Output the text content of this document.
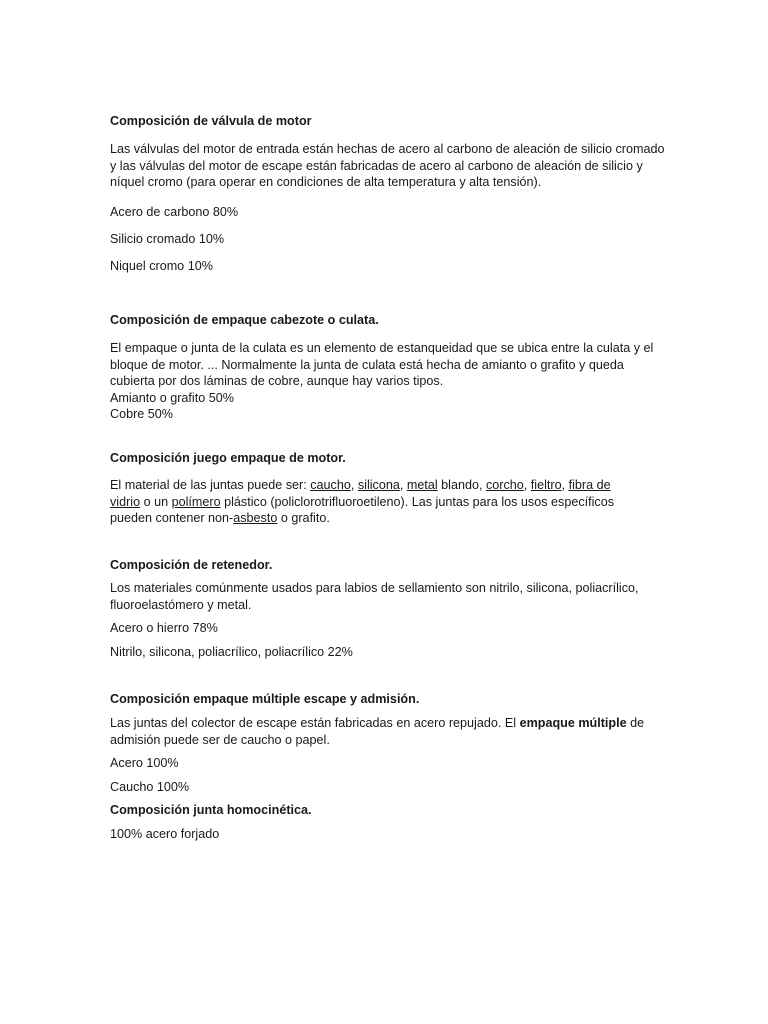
Composición de válvula de motor

Las válvulas del motor de entrada están hechas de acero al carbono de aleación de silicio cromado y las válvulas del motor de escape están fabricadas de acero al carbono de aleación de silicio y níquel cromo (para operar en condiciones de alta temperatura y alta tensión).

Acero de carbono 80%

Silicio cromado 10%

Niquel cromo 10%

Composición de empaque cabezote o culata.

El empaque o junta de la culata es un elemento de estanqueidad que se ubica entre la culata y el bloque de motor. ... Normalmente la junta de culata está hecha de amianto o grafito y queda cubierta por dos láminas de cobre, aunque hay varios tipos.

Amianto o grafito 50%

Cobre 50%

Composición juego empaque de motor.

El material de las juntas puede ser: caucho, silicona, metal blando, corcho, fieltro, fibra de vidrio o un polímero plástico (policlorotrifluoroetileno). Las juntas para los usos específicos pueden contener non-asbesto o grafito.

Composición de retenedor.

Los materiales comúnmente usados para labios de sellamiento son nitrilo, silicona, poliacrílico, fluoroelastómero y metal.

Acero o hierro 78%

Nitrilo, silicona, poliacrílico, poliacrílico 22%

Composición empaque múltiple escape y admisión.

Las juntas del colector de escape están fabricadas en acero repujado. El empaque múltiple de admisión puede ser de caucho o papel.

Acero 100%

Caucho 100%

Composición junta homocinética.

100% acero forjado
